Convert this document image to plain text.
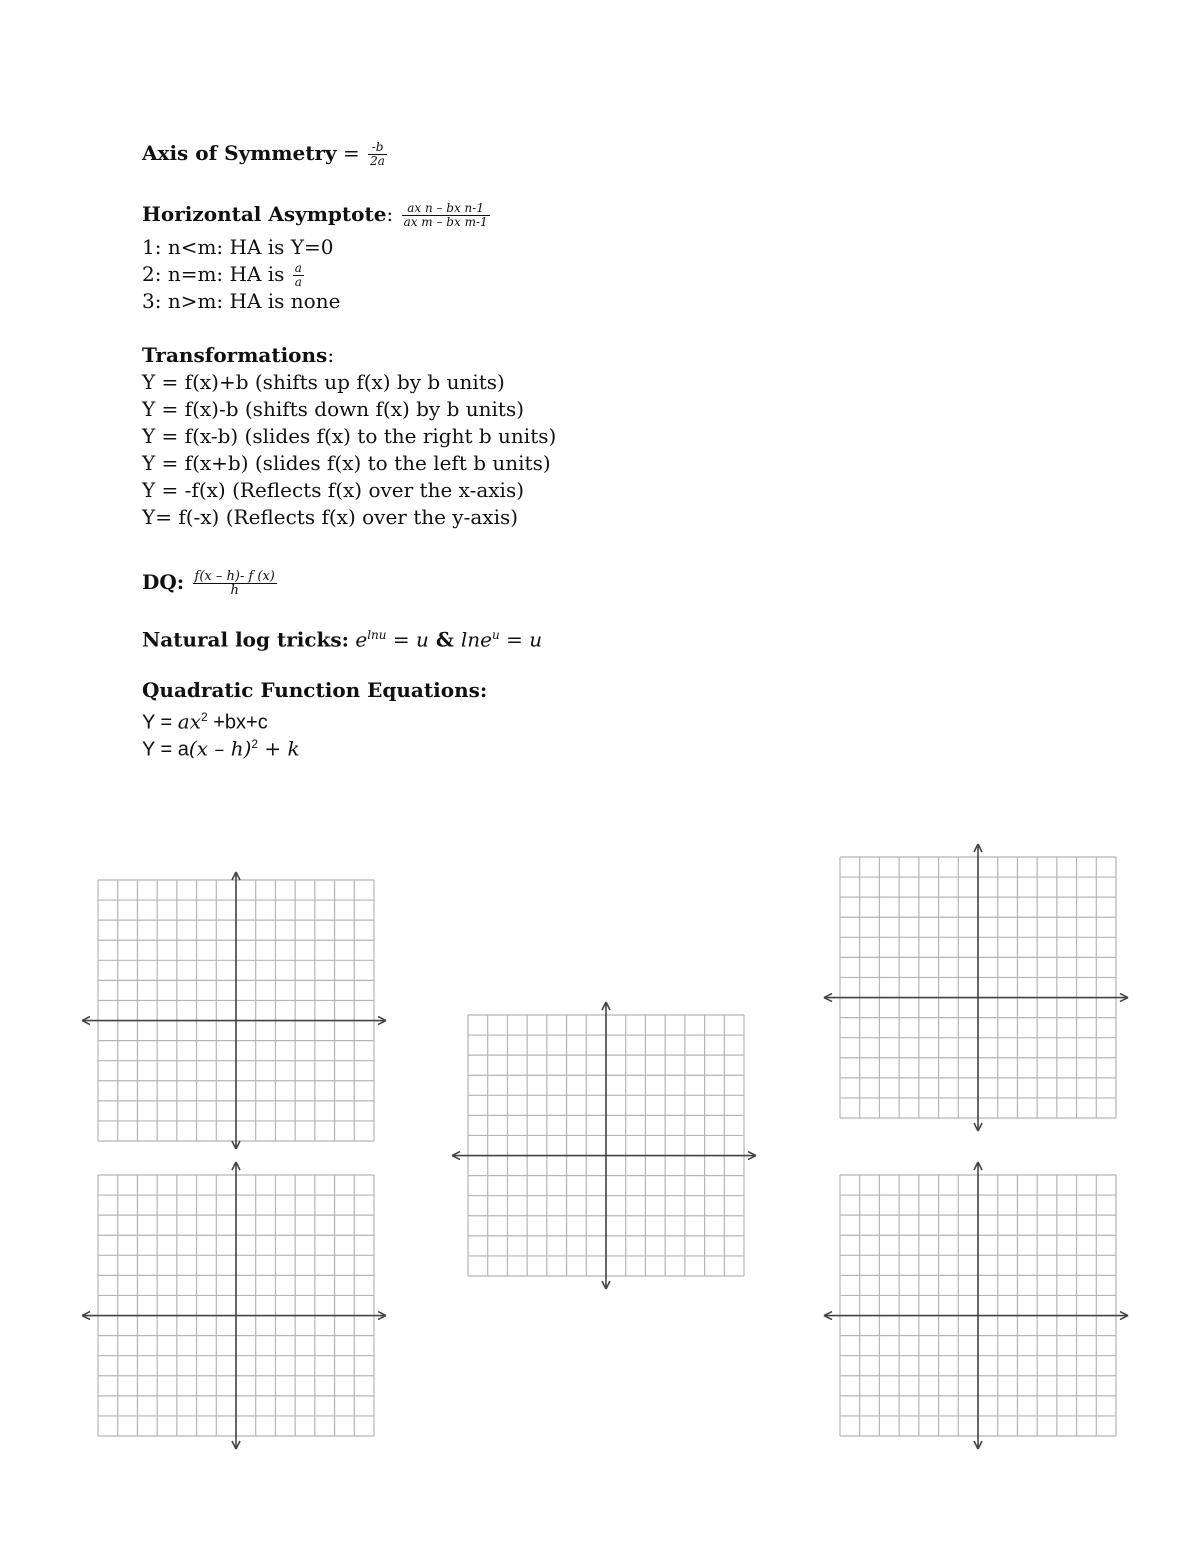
Axis of Symmetry = $\frac{-b}{2a}$
Horizontal Asymptote: $\frac{\text{ax n – bx n-1}}{\text{ax m – bx m-1}}$
1: n<m: HA is Y=0
2: n=m: HA is $\frac{a}{a}$
3: n>m: HA is none
Transformations:
Y = f(x)+b (shifts up f(x) by b units)
Y = f(x)-b (shifts down f(x) by b units)
Y = f(x-b) (slides f(x) to the right b units)
Y = f(x+b) (slides f(x) to the left b units)
Y = -f(x) (Reflects f(x) over the x-axis)
Y= f(-x) (Reflects f(x) over the y-axis)
DQ: $\frac{f(x - h)- f (x)}{h}$
Natural log tricks: $e^{lnu} = u$ & lne$^u$ = u
Quadratic Function Equations:
$Y = ax^2 +bx+c$
Y = a(x – h)$^2$ + k
